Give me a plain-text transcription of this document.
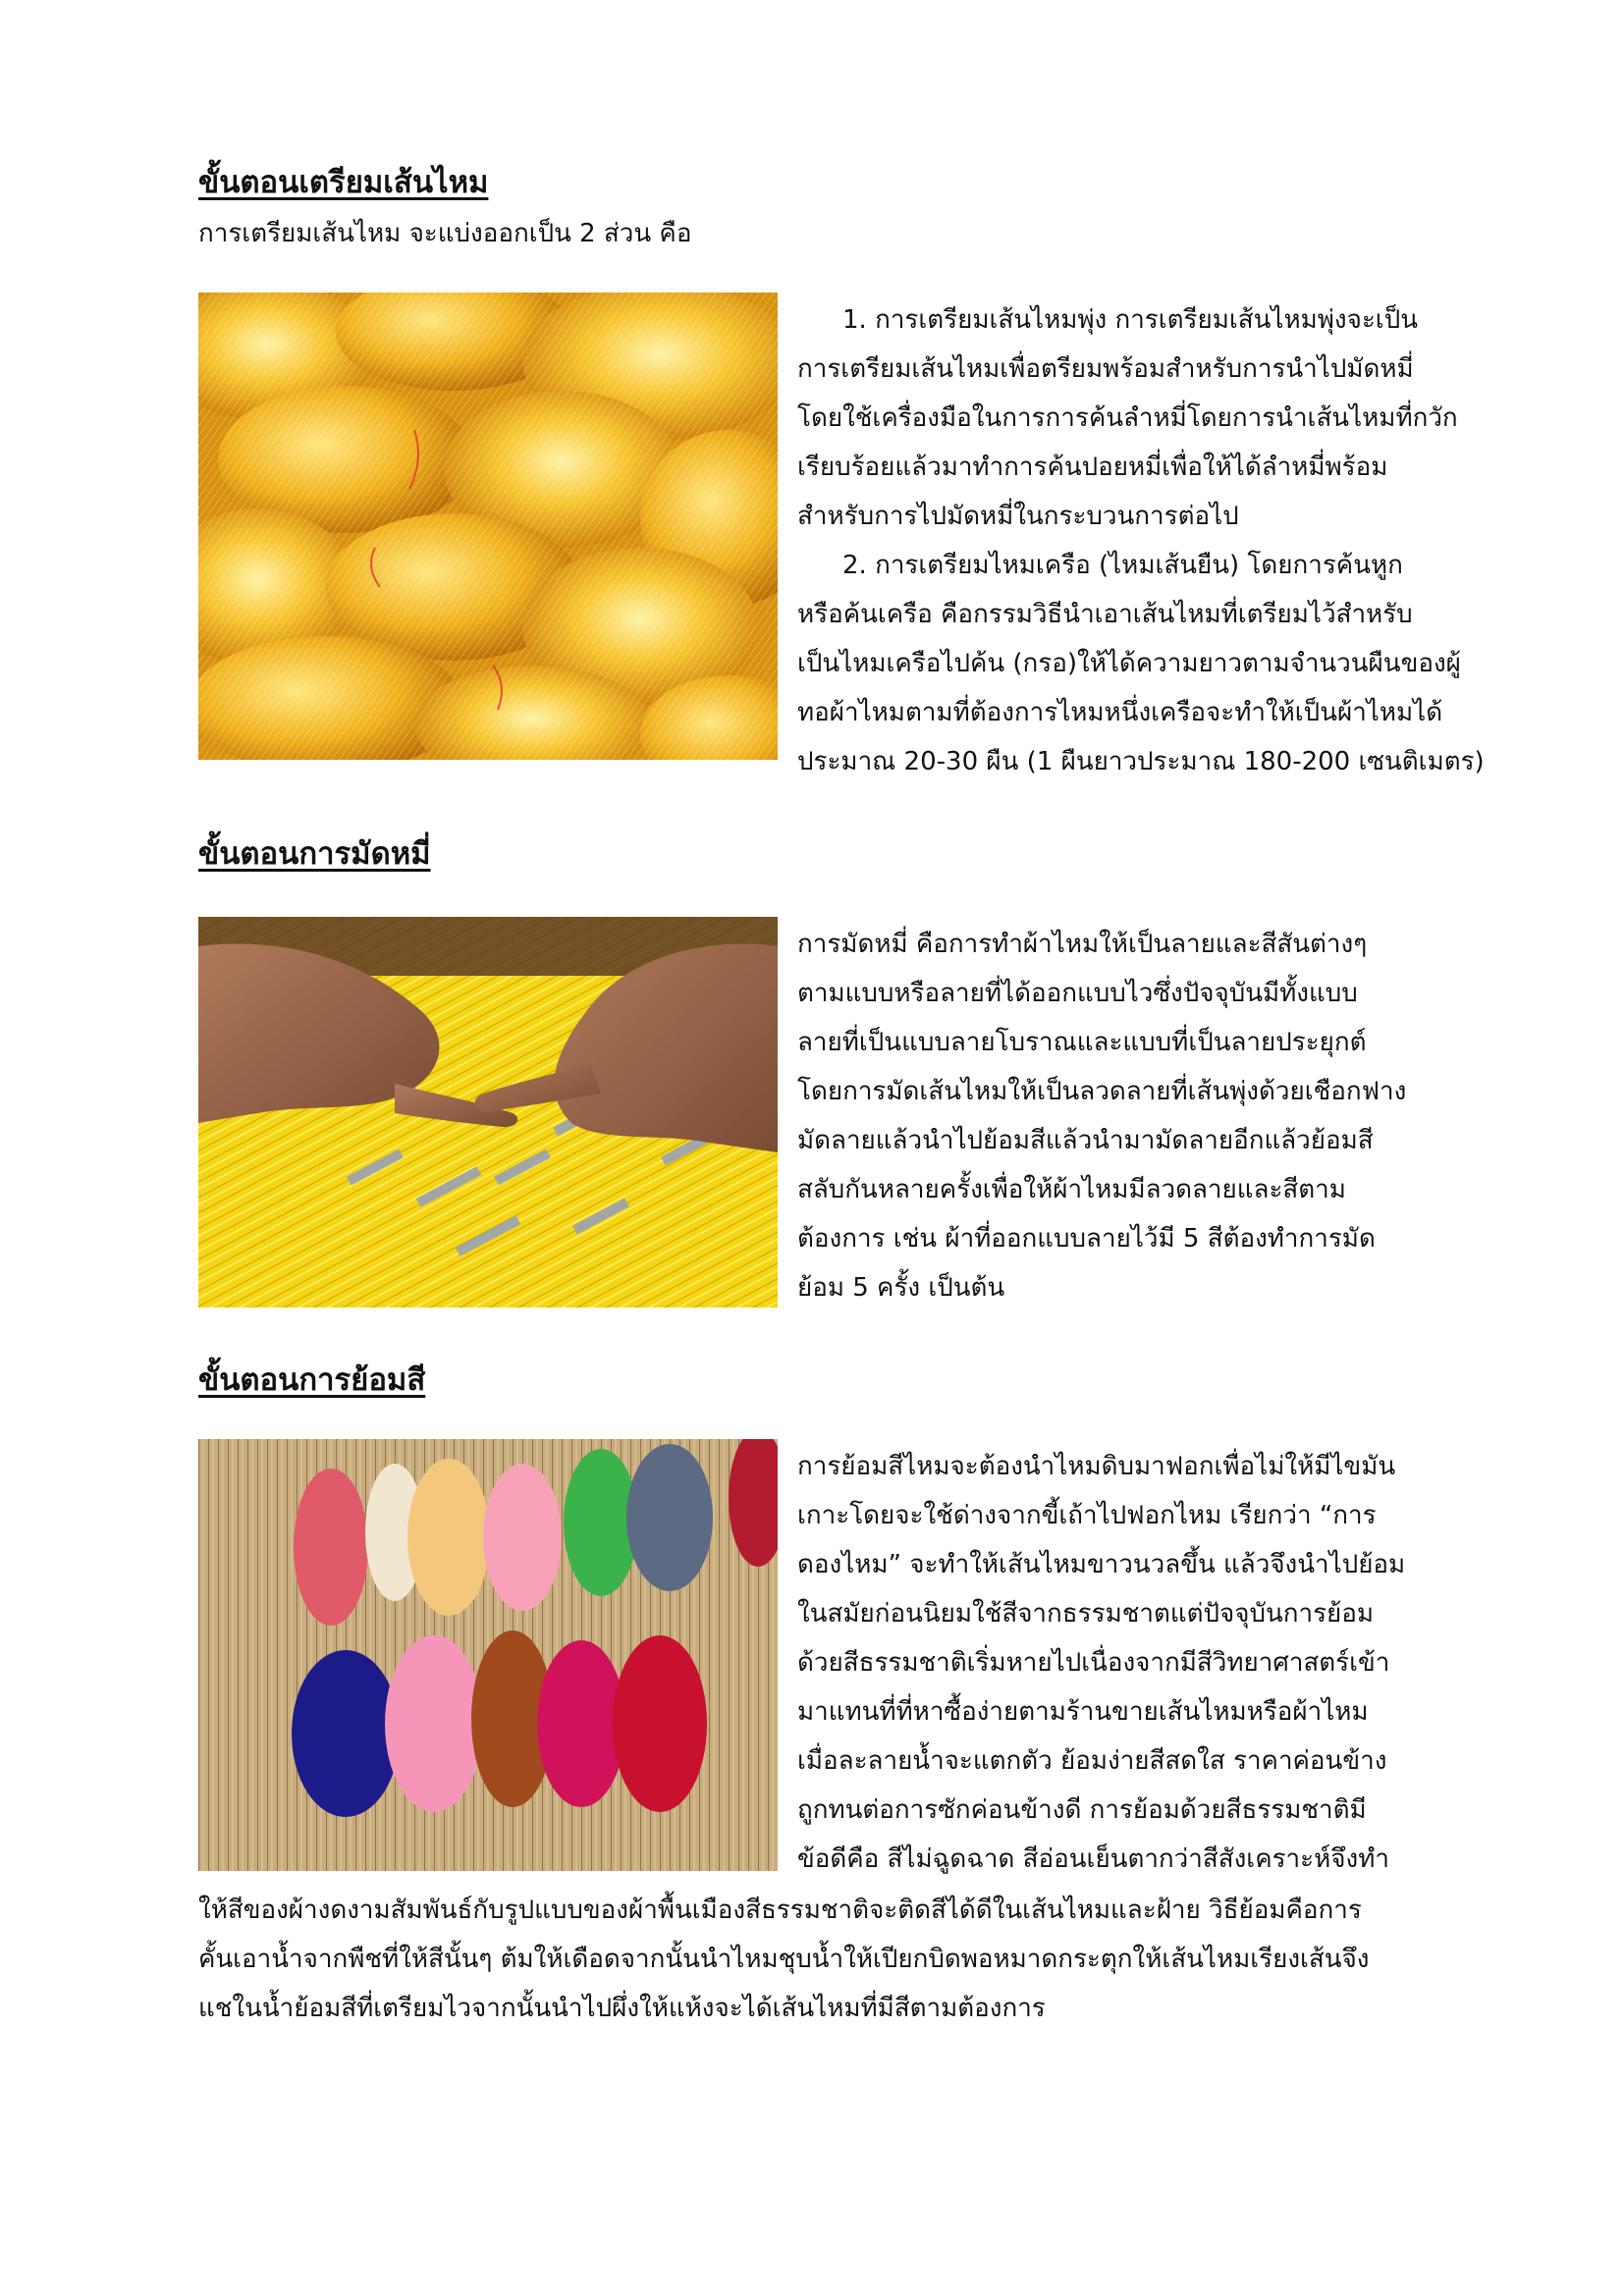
ขั้นตอนเตรียมเส้นไหม
การเตรียมเส้นไหม จะแบ่งออกเป็น 2 ส่วน คือ
1. การเตรียมเส้นไหมพุ่ง การเตรียมเส้นไหมพุ่งจะเป็น
การเตรียมเส้นไหมเพื่อตรียมพร้อมสำหรับการนำไปมัดหมี่
โดยใช้เครื่องมือในการการค้นลำหมี่โดยการนำเส้นไหมที่กวัก
เรียบร้อยแล้วมาทำการค้นปอยหมี่เพื่อให้ได้ลำหมี่พร้อม
สำหรับการไปมัดหมี่ในกระบวนการต่อไป
2. การเตรียมไหมเครือ (ไหมเส้นยืน) โดยการค้นหูก
หรือค้นเครือ คือกรรมวิธีนำเอาเส้นไหมที่เตรียมไว้สำหรับ
เป็นไหมเครือไปค้น (กรอ)ให้ได้ความยาวตามจำนวนผืนของผู้
ทอผ้าไหมตามที่ต้องการไหมหนึ่งเครือจะทำให้เป็นผ้าไหมได้
ประมาณ 20-30 ผืน (1 ผืนยาวประมาณ 180-200 เซนติเมตร)
ขั้นตอนการมัดหมี่
การมัดหมี่ คือการทำผ้าไหมให้เป็นลายและสีสันต่างๆ
ตามแบบหรือลายที่ได้ออกแบบไวซึ่งปัจจุบันมีทั้งแบบ
ลายที่เป็นแบบลายโบราณและแบบที่เป็นลายประยุกต์
โดยการมัดเส้นไหมให้เป็นลวดลายที่เส้นพุ่งด้วยเชือกฟาง
มัดลายแล้วนำไปย้อมสีแล้วนำมามัดลายอีกแล้วย้อมสี
สลับกันหลายครั้งเพื่อให้ผ้าไหมมีลวดลายและสีตาม
ต้องการ เช่น ผ้าที่ออกแบบลายไว้มี 5 สีต้องทำการมัด
ย้อม 5 ครั้ง เป็นต้น
ขั้นตอนการย้อมสี
การย้อมสีไหมจะต้องนำไหมดิบมาฟอกเพื่อไม่ให้มีไขมัน
เกาะโดยจะใช้ด่างจากขี้เถ้าไปฟอกไหม เรียกว่า “การ
ดองไหม” จะทำให้เส้นไหมขาวนวลขึ้น แล้วจึงนำไปย้อม
ในสมัยก่อนนิยมใช้สีจากธรรมชาตแต่ปัจจุบันการย้อม
ด้วยสีธรรมชาติเริ่มหายไปเนื่องจากมีสีวิทยาศาสตร์เข้า
มาแทนที่ที่หาซื้อง่ายตามร้านขายเส้นไหมหรือผ้าไหม
เมื่อละลายน้ำจะแตกตัว ย้อมง่ายสีสดใส ราคาค่อนข้าง
ถูกทนต่อการซักค่อนข้างดี การย้อมด้วยสีธรรมชาติมี
ข้อดีคือ สีไม่ฉูดฉาด สีอ่อนเย็นตากว่าสีสังเคราะห์จึงทำ
ให้สีของผ้างดงามสัมพันธ์กับรูปแบบของผ้าพื้นเมืองสีธรรมชาติจะติดสีได้ดีในเส้นไหมและฝ้าย วิธีย้อมคือการ
คั้นเอาน้ำจากพืชที่ให้สีนั้นๆ ต้มให้เดือดจากนั้นนำไหมชุบน้ำให้เปียกบิดพอหมาดกระตุกให้เส้นไหมเรียงเส้นจึง
แชในน้ำย้อมสีที่เตรียมไวจากนั้นนำไปผึ่งให้แห้งจะได้เส้นไหมที่มีสีตามต้องการ
